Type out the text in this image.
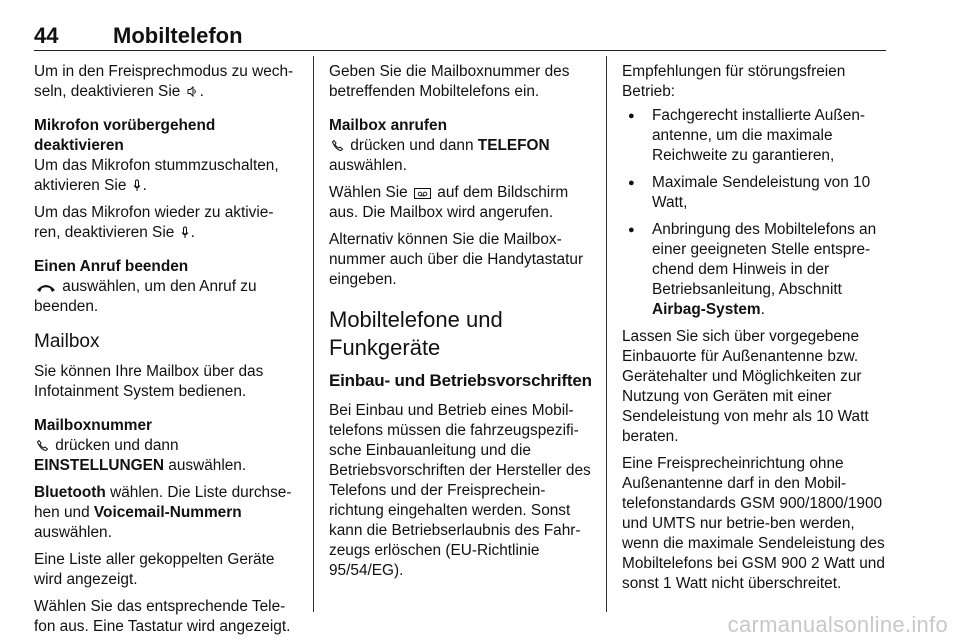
44 Mobiltelefon

Um in den Freisprechmodus zu wech-
seln, deaktivieren Sie .

Mikrofon vorübergehend deaktivieren

Um das Mikrofon stummzuschalten,
aktivieren Sie .

Um das Mikrofon wieder zu aktivie-
ren, deaktivieren Sie .

Einen Anruf beenden

auswählen, um den Anruf zu
beenden.

Mailbox

Sie können Ihre Mailbox über das Infotainment System bedienen.

Mailboxnummer

drücken und dann
EINSTELLUNGEN auswählen.

Bluetooth wählen. Die Liste durchse-
hen und Voicemail-Nummern
auswählen.

Eine Liste aller gekoppelten Geräte wird angezeigt.

Wählen Sie das entsprechende Tele-fon aus. Eine Tastatur wird angezeigt.

Geben Sie die Mailboxnummer des betreffenden Mobiltelefons ein.

Mailbox anrufen

drücken und dann TELEFON
auswählen.

Wählen Sie auf dem Bildschirm aus. Die Mailbox wird angerufen.

Alternativ können Sie die Mailbox-nummer auch über die Handytastatur eingeben.

Mobiltelefone und Funkgeräte
Einbau- und Betriebsvorschriften

Bei Einbau und Betrieb eines Mobil-telefons müssen die fahrzeugspezifi-sche Einbauanleitung und die Betriebsvorschriften der Hersteller des Telefons und der Freisprechein-richtung eingehalten werden. Sonst kann die Betriebserlaubnis des Fahr-zeugs erlöschen (EU-Richtlinie 95/54/EG).

Empfehlungen für störungsfreien Betrieb:

● Fachgerecht installierte Außen-antenne, um die maximale Reichweite zu garantieren,
● Maximale Sendeleistung von 10 Watt,
● Anbringung des Mobiltelefons an einer geeigneten Stelle entspre-chend dem Hinweis in der Betriebsanleitung, Abschnitt
Airbag-System.

Lassen Sie sich über vorgegebene Einbauorte für Außenantenne bzw. Gerätehalter und Möglichkeiten zur Nutzung von Geräten mit einer Sendeleistung von mehr als 10 Watt beraten.

Eine Freisprecheinrichtung ohne Außenantenne darf in den Mobil-telefonstandards GSM 900/1800/1900 und UMTS nur betrie-ben werden, wenn die maximale Sendeleistung des Mobiltelefons bei GSM 900 2 Watt und sonst 1 Watt nicht überschreitet.

carmanualsonline.info
